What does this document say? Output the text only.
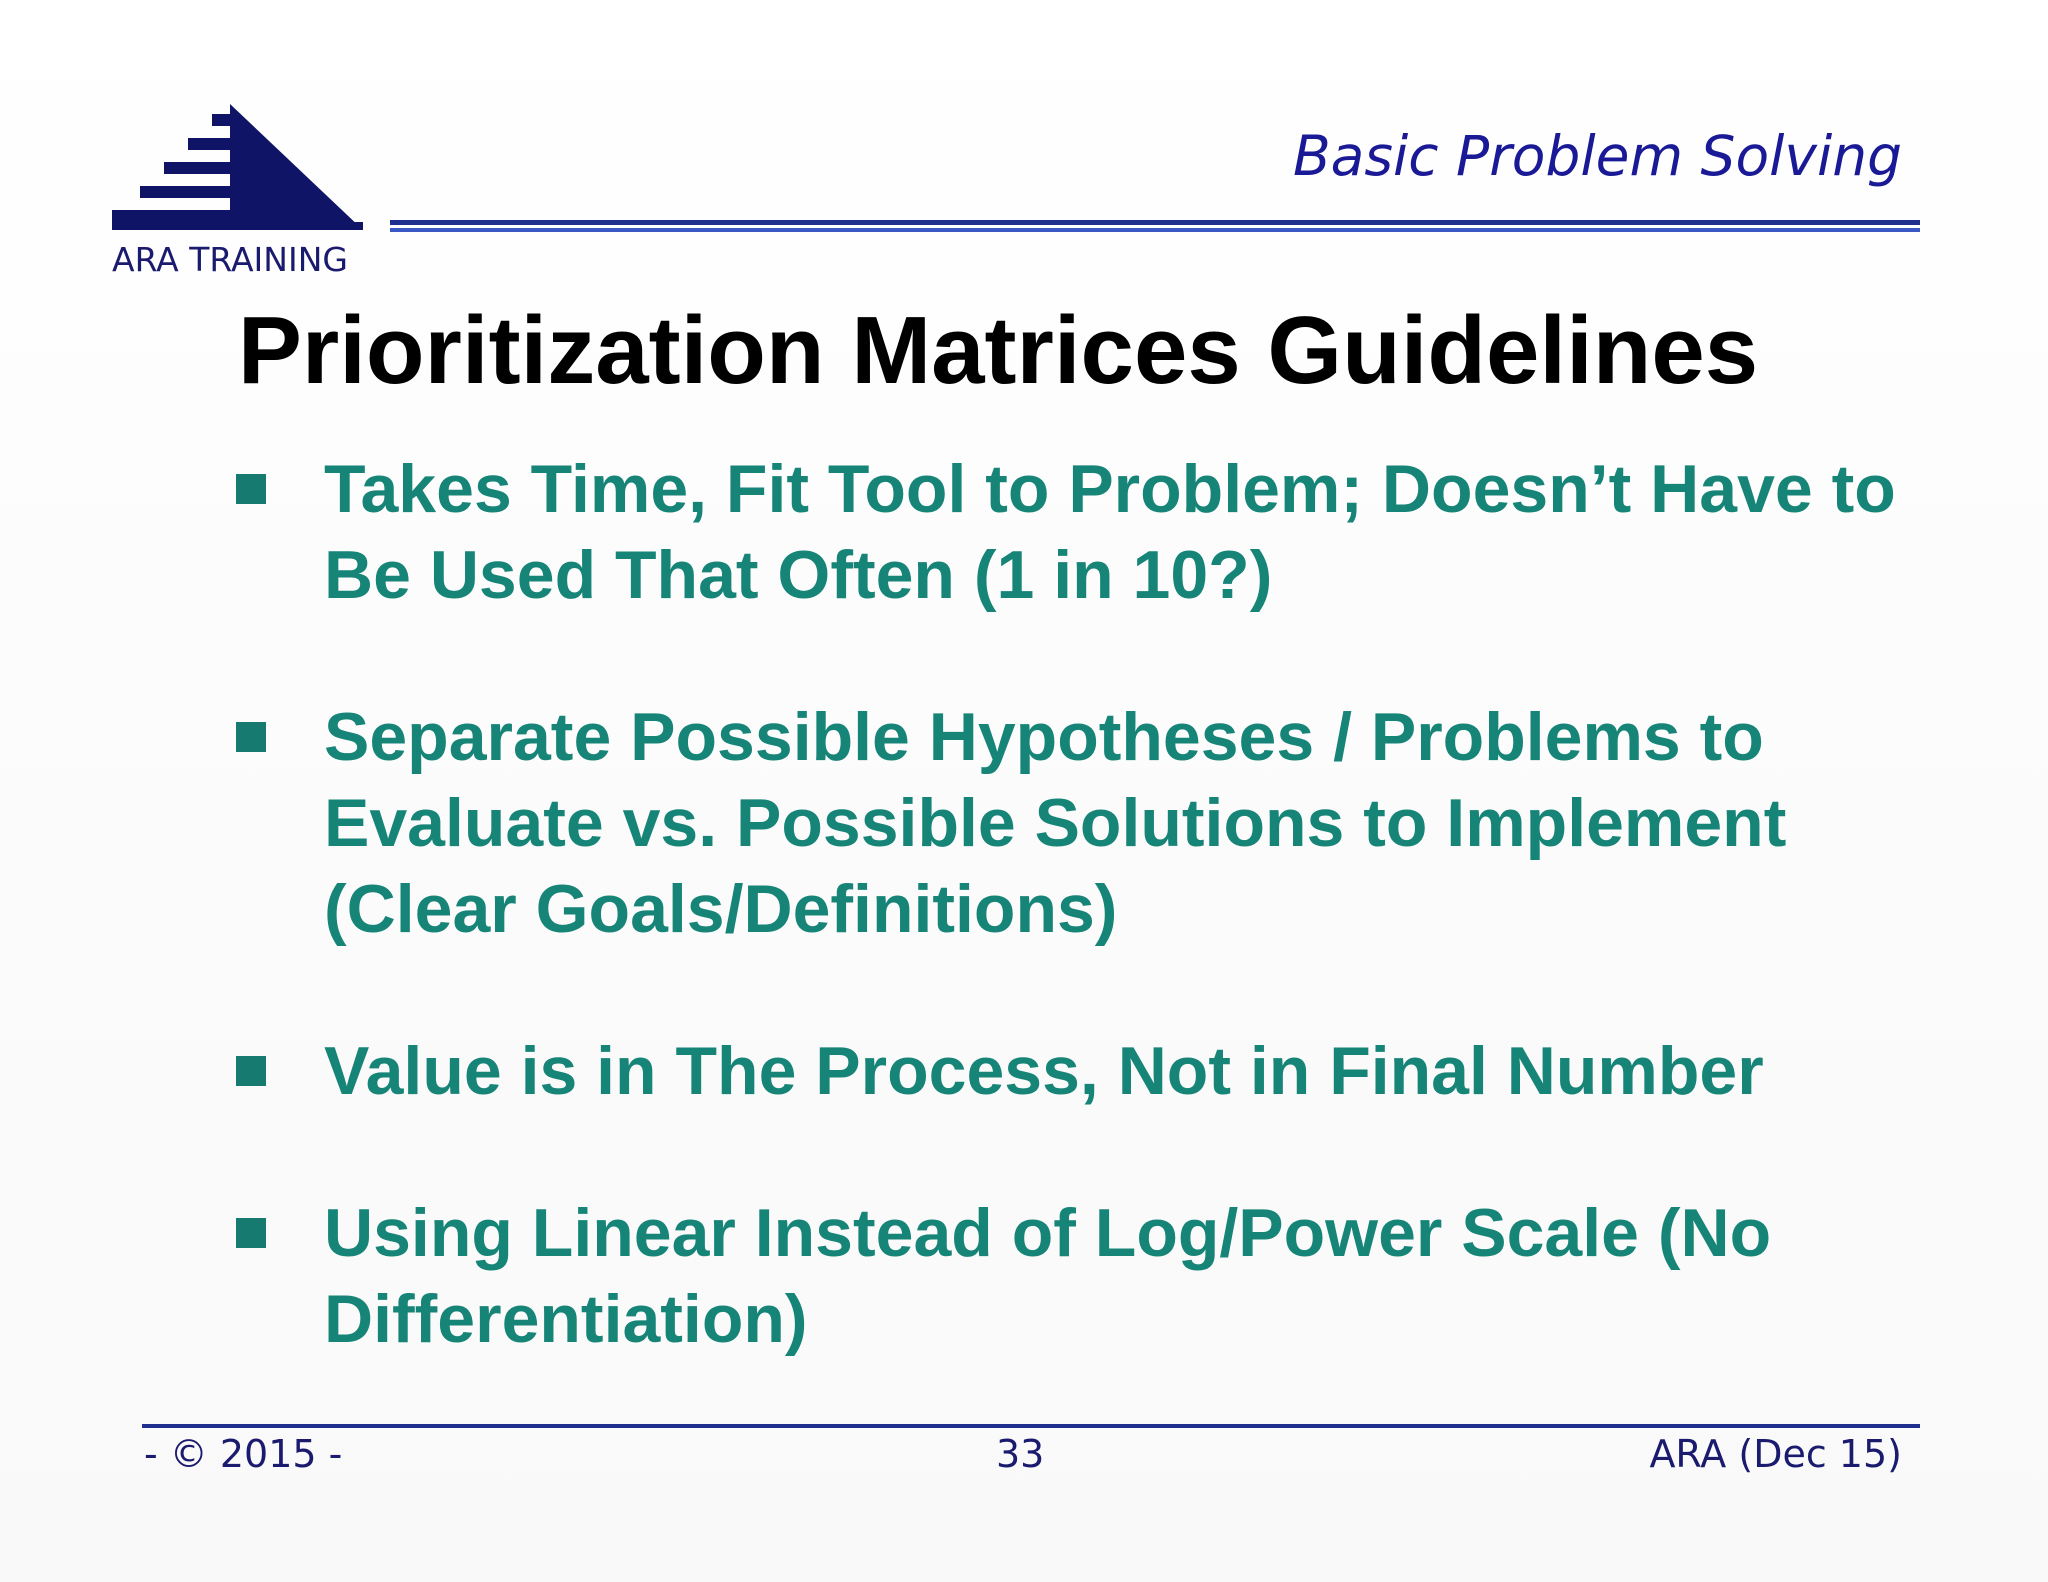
ARA TRAINING
Basic Problem Solving
Prioritization Matrices Guidelines
Takes Time, Fit Tool to Problem; Doesn’t Have to Be Used That Often (1 in 10?)
Separate Possible Hypotheses / Problems to Evaluate vs. Possible Solutions to Implement (Clear Goals/Definitions)
Value is in The Process, Not in Final Number
Using Linear Instead of Log/Power Scale (No Differentiation)
- © 2015 -	33	ARA (Dec 15)
